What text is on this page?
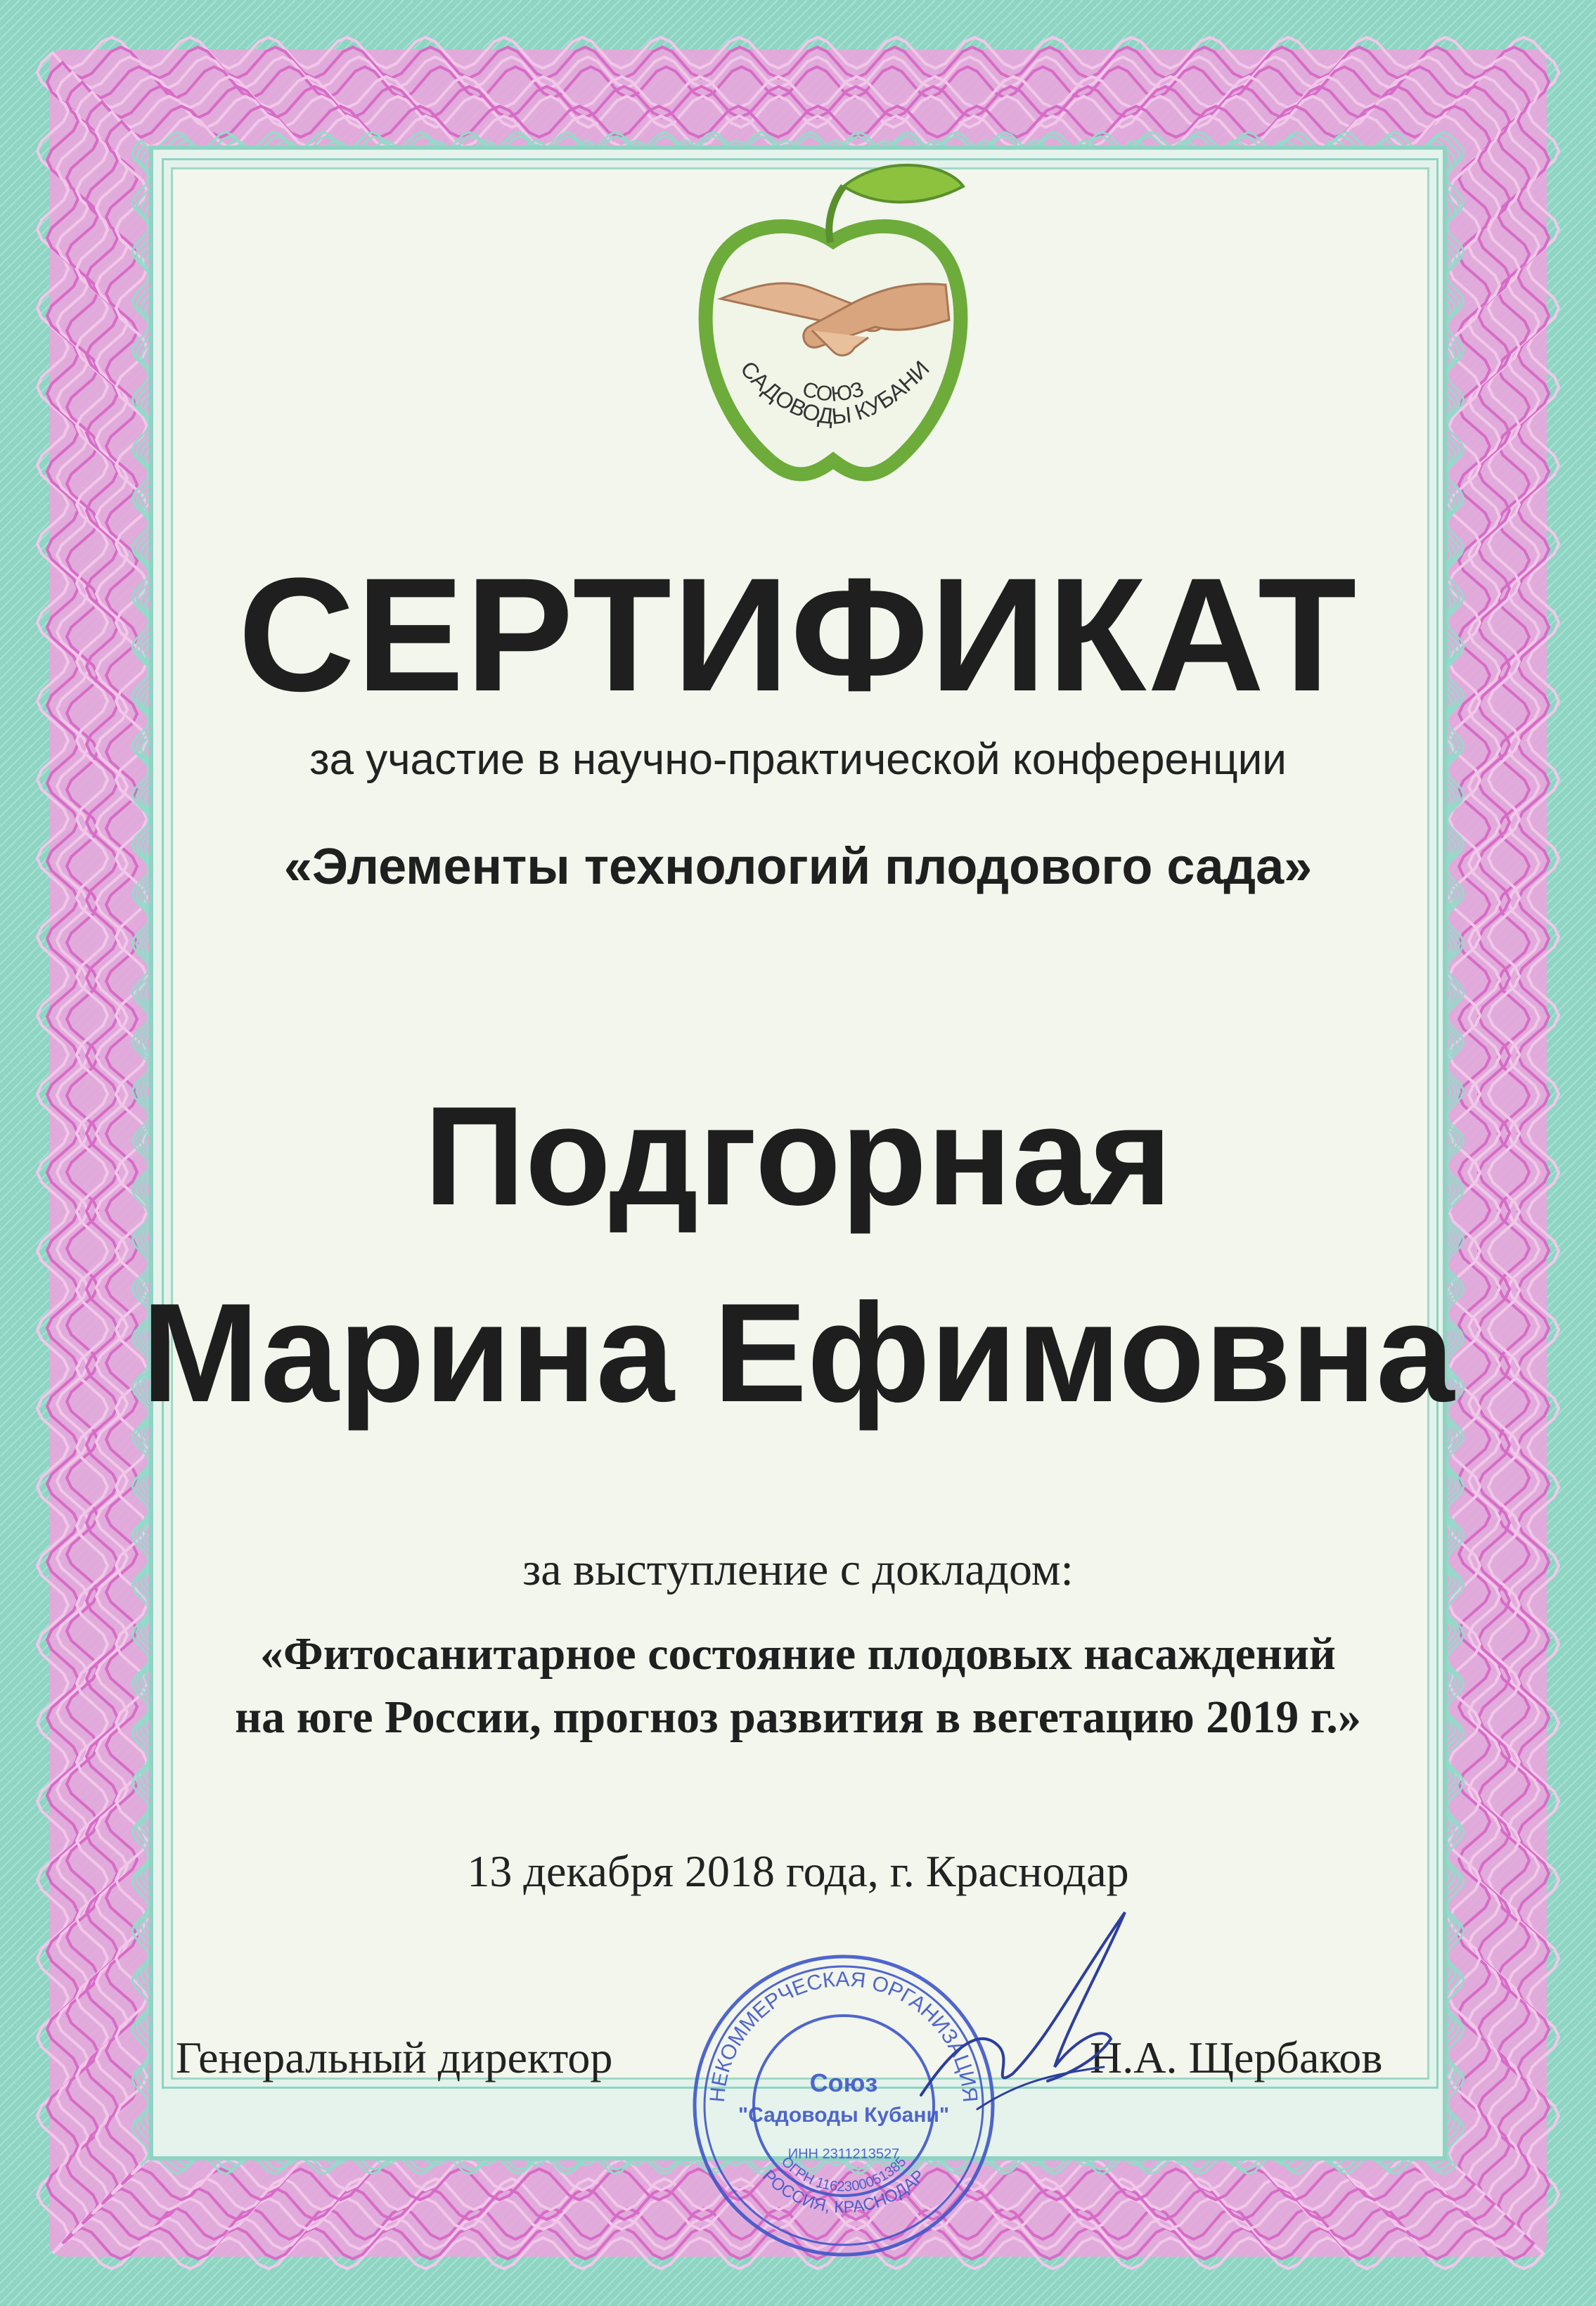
СОЮЗ
САДОВОДЫ КУБАНИ
СЕРТИФИКАТ
за участие в научно-практической конференции
«Элементы технологий плодового сада»
Подгорная
Марина Ефимовна
за выступление с докладом:
«Фитосанитарное состояние плодовых насаждений
на юге России, прогноз развития в вегетацию 2019 г.»
13 декабря 2018 года, г. Краснодар
Генеральный директор	Н.А. Щербаков
НЕКОММЕРЧЕСКАЯ ОРГАНИЗАЦИЯ
РОССИЯ, КРАСНОДАР
ОГРН 1162300051385
Союз
"Садоводы Кубани"
ИНН 2311213527
